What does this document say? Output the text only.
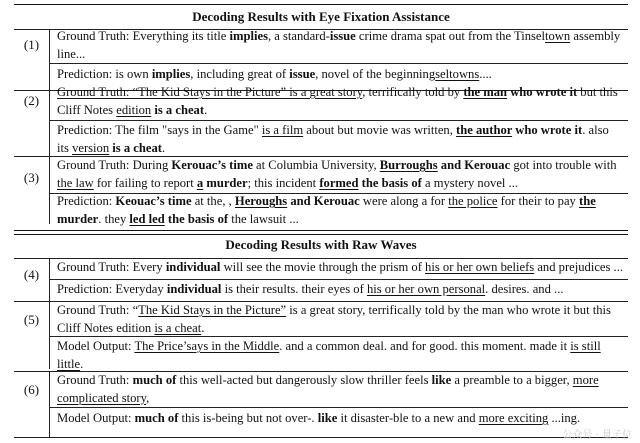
Decoding Results with Eye Fixation Assistance
(1)
Ground Truth: Everything its title implies, a standard-issue crime drama spat out from the Tinseltown assembly line...
Prediction: is own implies, including great of issue, novel of the beginningseltowns....
(2)
Ground Truth: “The Kid Stays in the Picture” is a great story, terrifically told by the man who wrote it but this Cliff Notes edition is a cheat.
Prediction: The film "says in the Game" is a film about but movie was written, the author who wrote it. also its version is a cheat.
(3)
Ground Truth: During Kerouac’s time at Columbia University, Burroughs and Kerouac got into trouble with the law for failing to report a murder; this incident formed the basis of a mystery novel ...
Prediction: Keouac’s time at the, , Heroughs and Kerouac were along a for the police for their to pay the murder. they led led the basis of the lawsuit ...
Decoding Results with Raw Waves
(4)	Ground Truth: Every individual will see the movie through the prism of his or her own beliefs and prejudices ...
Prediction: Everyday individual is their results. their eyes of his or her own personal. desires. and ...
(5)
Ground Truth: “The Kid Stays in the Picture” is a great story, terrifically told by the man who wrote it but this Cliff Notes edition is a cheat.
Model Output: The Price’says in the Middle. and a common deal. and for good. this moment. made it is still little.
(6)
Ground Truth: much of this well-acted but dangerously slow thriller feels like a preamble to a bigger, more complicated story,
Model Output: much of this is-being but not over-. like it disaster-ble to a new and more exciting ...ing.
公众号 · 量子位
